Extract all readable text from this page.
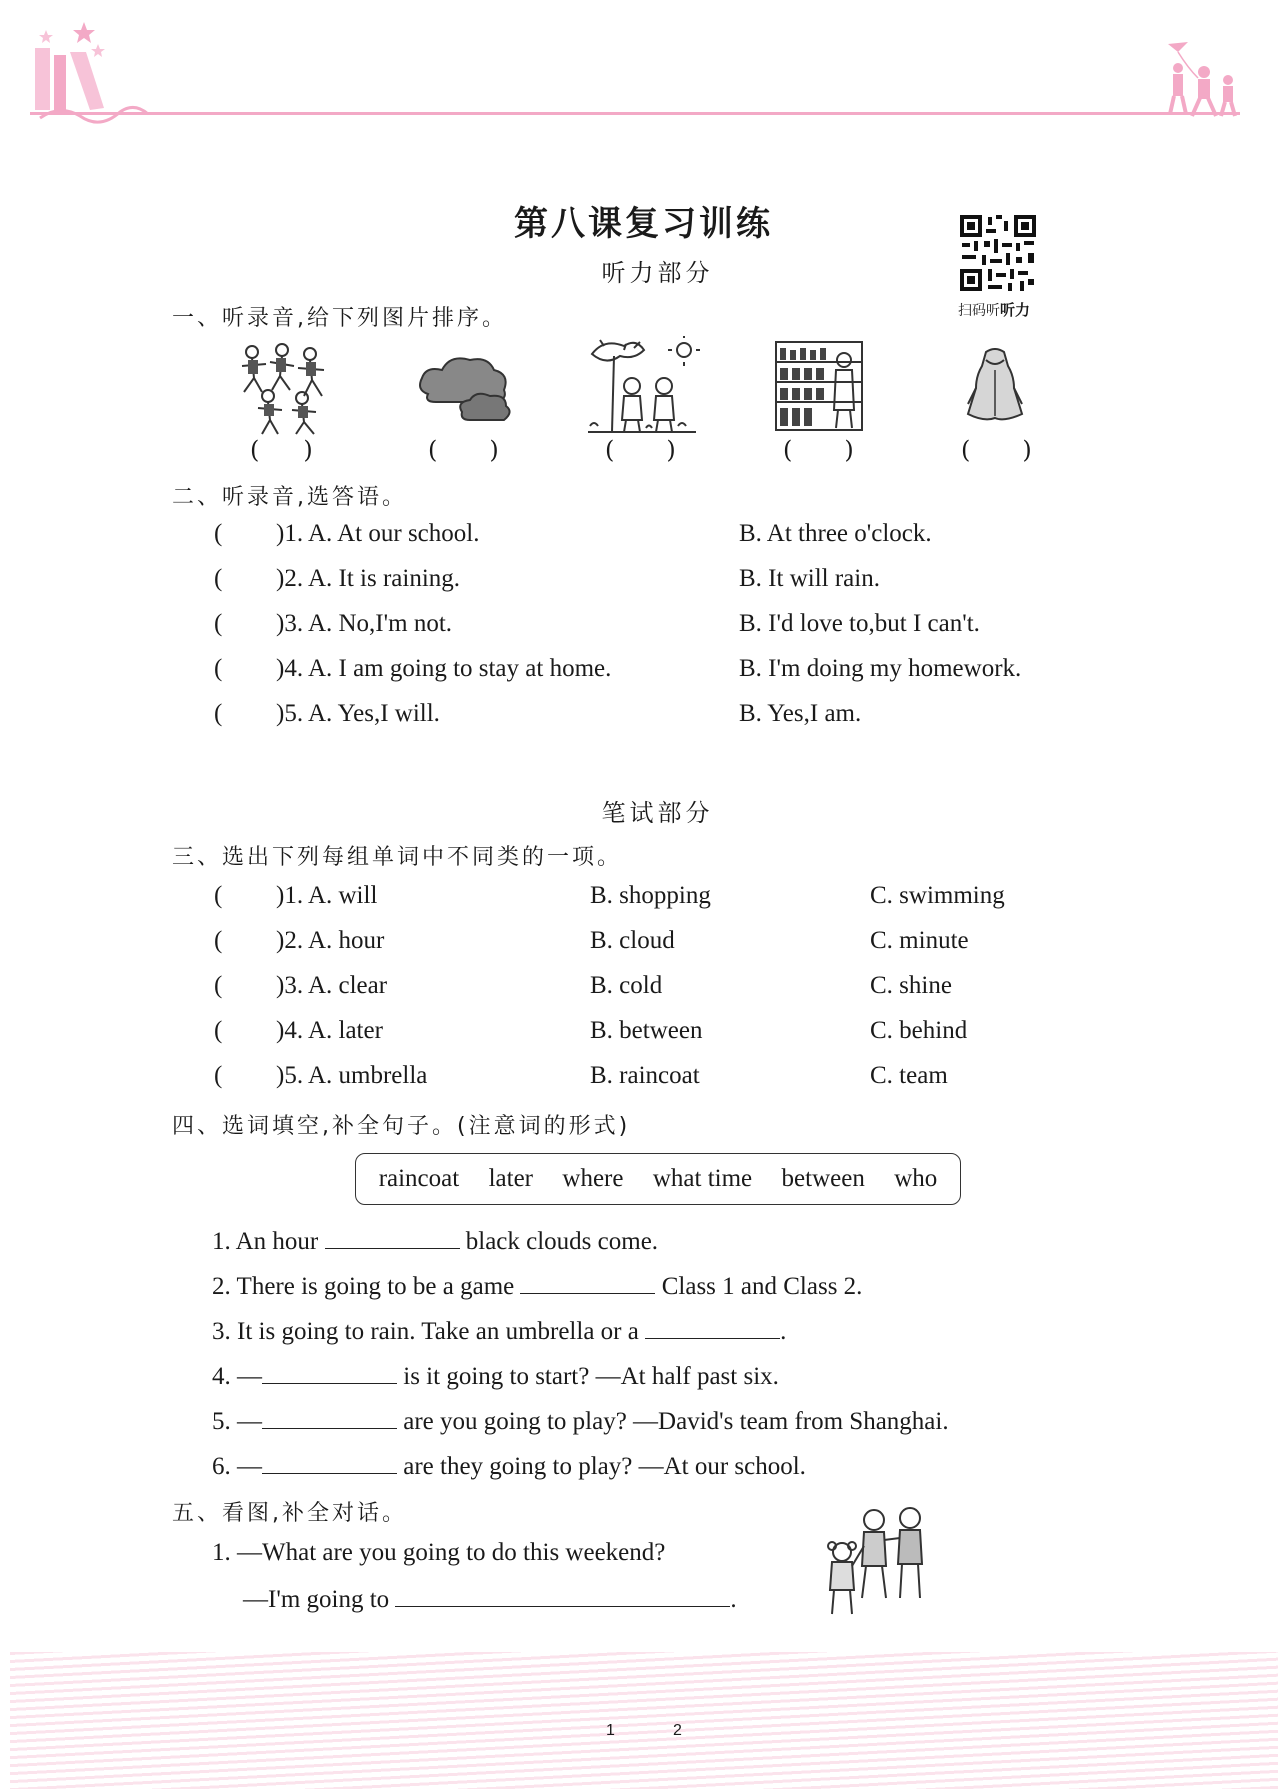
第八课复习训练
扫码听听力
听力部分
一、听录音,给下列图片排序。
( )	( )	( )	( )	( )
二、听录音,选答语。
( )1. A. At our school.	B. At three o'clock.
( )2. A. It is raining.	B. It will rain.
( )3. A. No,I'm not.	B. I'd love to,but I can't.
( )4. A. I am going to stay at home.	B. I'm doing my homework.
( )5. A. Yes,I will.	B. Yes,I am.
笔试部分
三、选出下列每组单词中不同类的一项。
( )1. A. will	B. shopping	C. swimming
( )2. A. hour	B. cloud	C. minute
( )3. A. clear	B. cold	C. shine
( )4. A. later	B. between	C. behind
( )5. A. umbrella	B. raincoat	C. team
四、选词填空,补全句子。(注意词的形式)
raincoat later where what time between who
1. An hour	black clouds come.
2. There is going to be a game	Class 1 and Class 2.
3. It is going to rain. Take an umbrella or a	.
4. —	is it going to start? —At half past six.
5. —	are you going to play? —David's team from Shanghai.
6. —	are they going to play? —At our school.
五、看图,补全对话。
1. —What are you going to do this weekend?
—I'm going to	.
1	2
